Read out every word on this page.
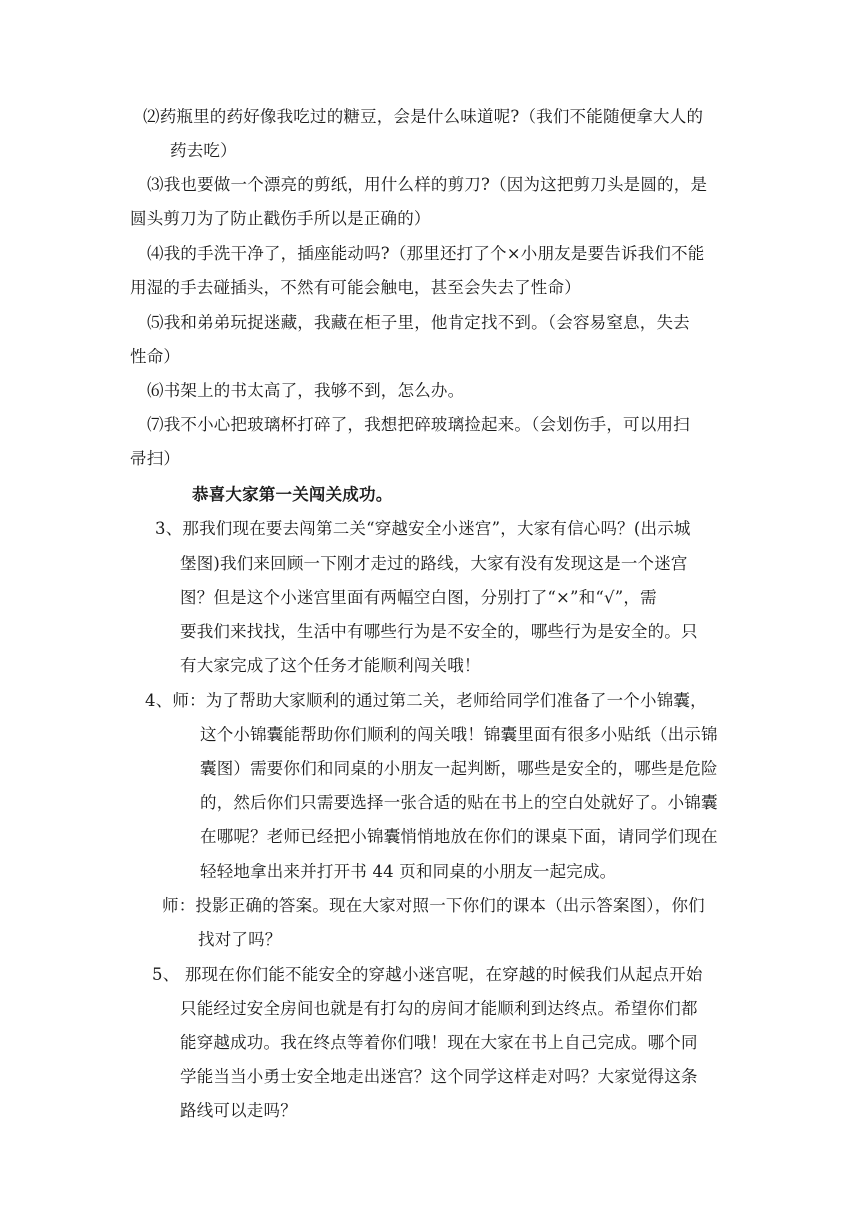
⑵药瓶里的药好像我吃过的糖豆，会是什么味道呢?（我们不能随便拿大人的
药去吃）
⑶我也要做一个漂亮的剪纸，用什么样的剪刀?（因为这把剪刀头是圆的，是
圆头剪刀为了防止戳伤手所以是正确的）
⑷我的手洗干净了，插座能动吗?（那里还打了个×小朋友是要告诉我们不能
用湿的手去碰插头，不然有可能会触电，甚至会失去了性命）
⑸我和弟弟玩捉迷藏，我藏在柜子里，他肯定找不到。（会容易窒息，失去
性命）
⑹书架上的书太高了，我够不到，怎么办。
⑺我不小心把玻璃杯打碎了，我想把碎玻璃捡起来。（会划伤手，可以用扫
帚扫）
恭喜大家第一关闯关成功。
3、那我们现在要去闯第二关“穿越安全小迷宫”，大家有信心吗？(出示城
堡图)我们来回顾一下刚才走过的路线，大家有没有发现这是一个迷宫
图？但是这个小迷宫里面有两幅空白图，分别打了“×”和“√”，需
要我们来找找，生活中有哪些行为是不安全的，哪些行为是安全的。只
有大家完成了这个任务才能顺利闯关哦！
4、师：为了帮助大家顺利的通过第二关，老师给同学们准备了一个小锦囊，
这个小锦囊能帮助你们顺利的闯关哦！锦囊里面有很多小贴纸（出示锦
囊图）需要你们和同桌的小朋友一起判断，哪些是安全的，哪些是危险
的，然后你们只需要选择一张合适的贴在书上的空白处就好了。小锦囊
在哪呢？老师已经把小锦囊悄悄地放在你们的课桌下面，请同学们现在
轻轻地拿出来并打开书 44 页和同桌的小朋友一起完成。
师：投影正确的答案。现在大家对照一下你们的课本（出示答案图），你们
找对了吗？
5、 那现在你们能不能安全的穿越小迷宫呢，在穿越的时候我们从起点开始
只能经过安全房间也就是有打勾的房间才能顺利到达终点。希望你们都
能穿越成功。我在终点等着你们哦！现在大家在书上自己完成。哪个同
学能当当小勇士安全地走出迷宫？这个同学这样走对吗？大家觉得这条
路线可以走吗？
